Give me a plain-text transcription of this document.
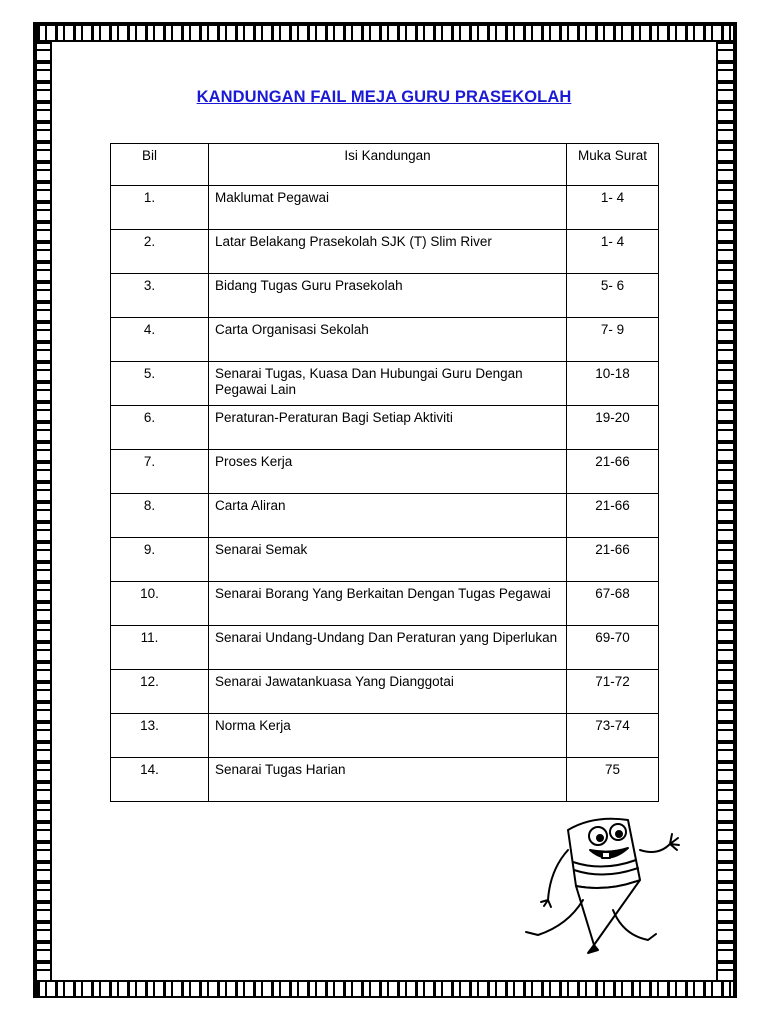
KANDUNGAN FAIL MEJA GURU PRASEKOLAH
Bil	Isi Kandungan	Muka Surat
1.	Maklumat Pegawai	1- 4
2.	Latar Belakang Prasekolah SJK (T) Slim River	1- 4
3.	Bidang Tugas Guru Prasekolah	5- 6
4.	Carta Organisasi Sekolah	7- 9
5.	Senarai Tugas, Kuasa Dan Hubungai Guru Dengan Pegawai Lain	10-18
6.	Peraturan-Peraturan Bagi Setiap Aktiviti	19-20
7.	Proses Kerja	21-66
8.	Carta Aliran	21-66
9.	Senarai Semak	21-66
10.	Senarai Borang Yang Berkaitan Dengan Tugas Pegawai	67-68
11.	Senarai Undang-Undang Dan Peraturan yang Diperlukan	69-70
12.	Senarai Jawatankuasa Yang Dianggotai	71-72
13.	Norma Kerja	73-74
14.	Senarai Tugas Harian	75
